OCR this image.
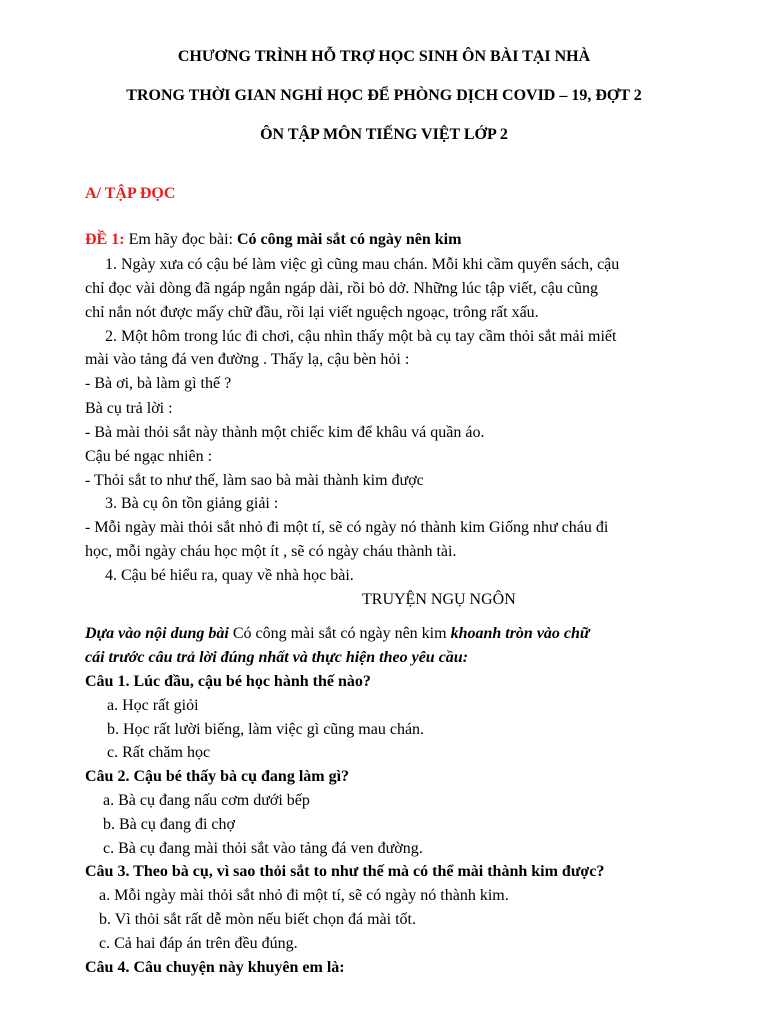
CHƯƠNG TRÌNH HỖ TRỢ HỌC SINH ÔN BÀI TẠI NHÀ
TRONG THỜI GIAN NGHỈ HỌC ĐỂ PHÒNG DỊCH COVID – 19, ĐỢT 2
ÔN TẬP MÔN TIẾNG VIỆT LỚP 2
A/ TẬP ĐỌC
ĐỀ 1: Em hãy đọc bài: Có công mài sắt có ngày nên kim
1. Ngày xưa có cậu bé làm việc gì cũng mau chán. Mỗi khi cầm quyển sách, cậu
chỉ đọc vài dòng đã ngáp ngắn ngáp dài, rồi bỏ dở. Những lúc tập viết, cậu cũng
chỉ nắn nót được mấy chữ đầu, rồi lại viết nguệch ngoạc, trông rất xấu.
2. Một hôm trong lúc đi chơi, cậu nhìn thấy một bà cụ tay cầm thỏi sắt mải miết
mài vào tảng đá ven đường . Thấy lạ, cậu bèn hỏi :
- Bà ơi, bà làm gì thế ?
Bà cụ trả lời :
- Bà mài thỏi sắt này thành một chiếc kim để khâu vá quần áo.
Cậu bé ngạc nhiên :
- Thỏi sắt to như thế, làm sao bà mài thành kim được
3. Bà cụ ôn tồn giảng giải :
- Mỗi ngày mài thỏi sắt nhỏ đi một tí, sẽ có ngày nó thành kim Giống như cháu đi
học, mỗi ngày cháu học một ít , sẽ có ngày cháu thành tài.
4. Cậu bé hiểu ra, quay về nhà học bài.
TRUYỆN NGỤ NGÔN
Dựa vào nội dung bài Có công mài sắt có ngày nên kim khoanh tròn vào chữ
cái trước câu trả lời đúng nhất và thực hiện theo yêu cầu:
Câu 1. Lúc đầu, cậu bé học hành thế nào?
a. Học rất giỏi
b. Học rất lười biếng, làm việc gì cũng mau chán.
c. Rất chăm học
Câu 2. Cậu bé thấy bà cụ đang làm gì?
a. Bà cụ đang nấu cơm dưới bếp
b. Bà cụ đang đi chợ
c. Bà cụ đang mài thỏi sắt vào tảng đá ven đường.
Câu 3. Theo bà cụ, vì sao thỏi sắt to như thế mà có thể mài thành kim được?
a. Mỗi ngày mài thỏi sắt nhỏ đi một tí, sẽ có ngày nó thành kim.
b. Vì thỏi sắt rất dễ mòn nếu biết chọn đá mài tốt.
c. Cả hai đáp án trên đều đúng.
Câu 4. Câu chuyện này khuyên em là:
